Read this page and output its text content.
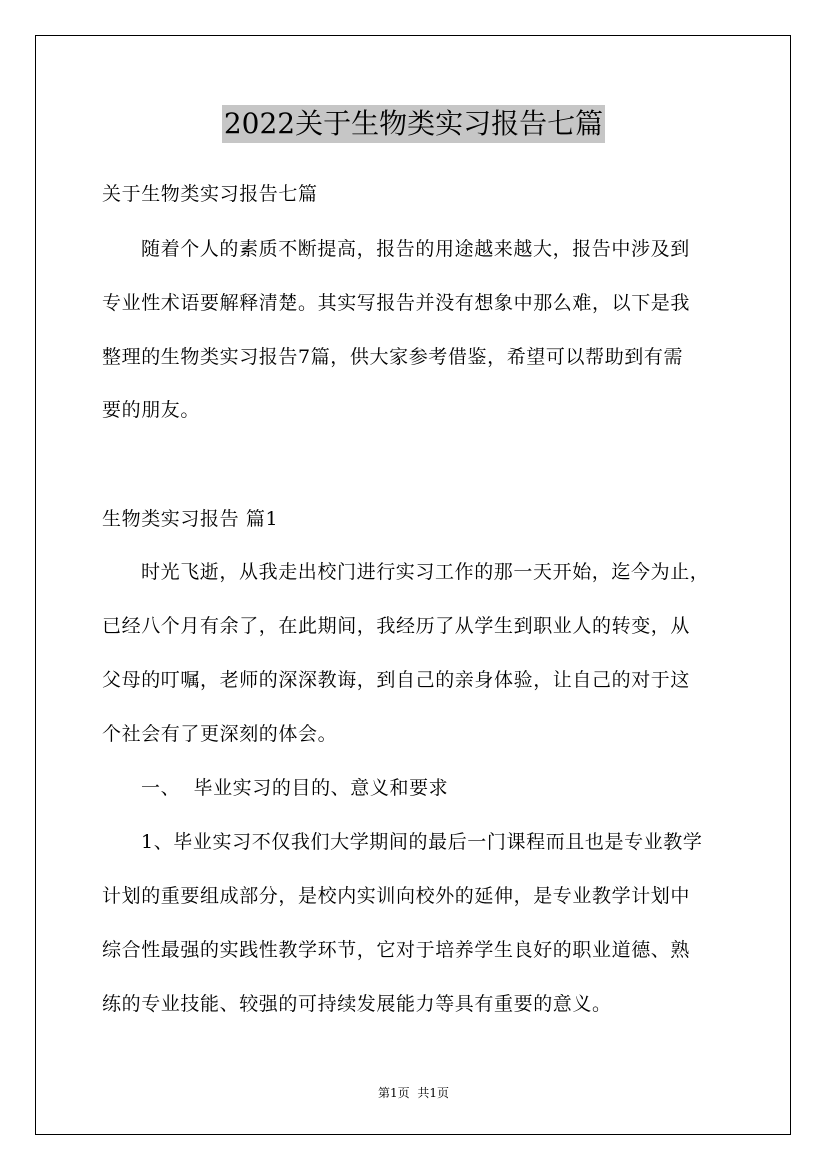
2022关于生物类实习报告七篇
关于生物类实习报告七篇
随着个人的素质不断提高，报告的用途越来越大，报告中涉及到
专业性术语要解释清楚。其实写报告并没有想象中那么难，以下是我
整理的生物类实习报告7篇，供大家参考借鉴，希望可以帮助到有需
要的朋友。
生物类实习报告 篇1
时光飞逝，从我走出校门进行实习工作的那一天开始，迄今为止，
已经八个月有余了，在此期间，我经历了从学生到职业人的转变，从
父母的叮嘱，老师的深深教诲，到自己的亲身体验，让自己的对于这
个社会有了更深刻的体会。
一、  毕业实习的目的、意义和要求
1、毕业实习不仅我们大学期间的最后一门课程而且也是专业教学
计划的重要组成部分，是校内实训向校外的延伸，是专业教学计划中
综合性最强的实践性教学环节，它对于培养学生良好的职业道德、熟
练的专业技能、较强的可持续发展能力等具有重要的意义。
第1页 共1页
